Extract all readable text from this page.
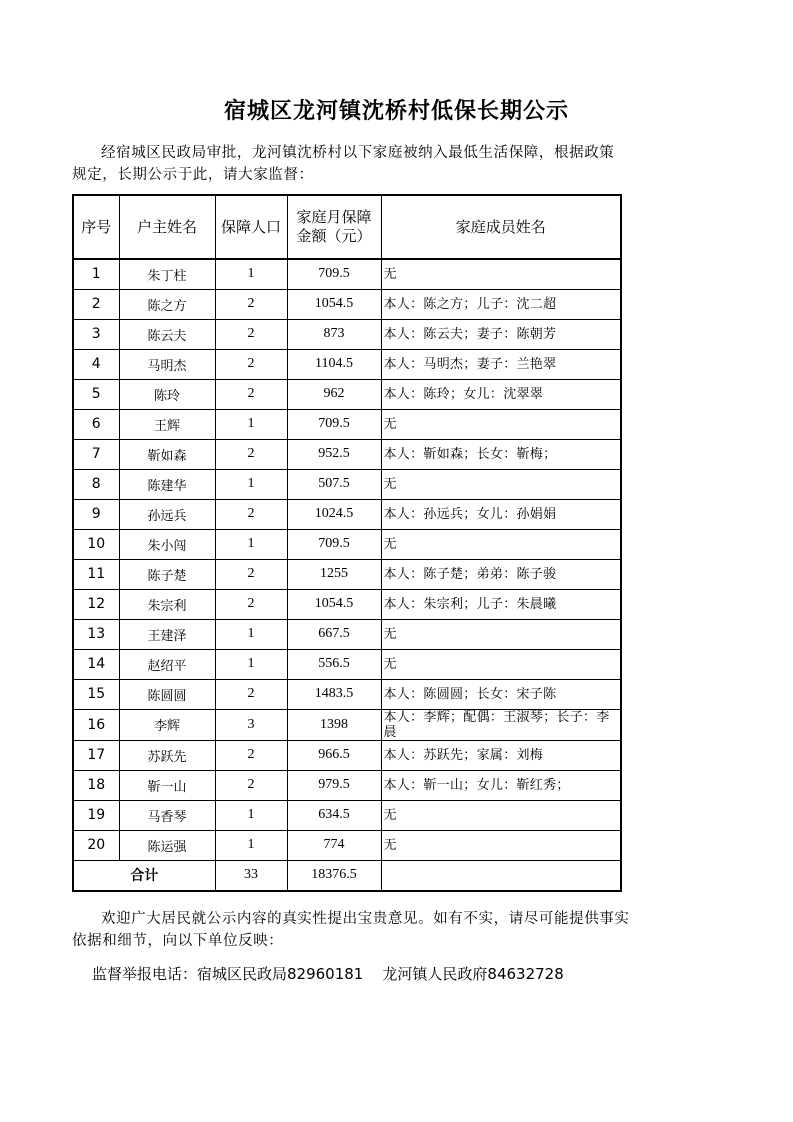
宿城区龙河镇沈桥村低保长期公示
经宿城区民政局审批，龙河镇沈桥村以下家庭被纳入最低生活保障，根据政策规定，长期公示于此，请大家监督：
序号	户主姓名	保障人口	家庭月保障
金额（元）	家庭成员姓名
1	朱丁柱	1	709.5	无
2	陈之方	2	1054.5	本人：陈之方；儿子：沈二超
3	陈云夫	2	873	本人：陈云夫；妻子：陈朝芳
4	马明杰	2	1104.5	本人：马明杰；妻子：兰艳翠
5	陈玲	2	962	本人：陈玲；女儿：沈翠翠
6	王辉	1	709.5	无
7	靳如森	2	952.5	本人：靳如森；长女：靳梅；
8	陈建华	1	507.5	无
9	孙远兵	2	1024.5	本人：孙远兵；女儿：孙娟娟
10	朱小闯	1	709.5	无
11	陈子楚	2	1255	本人：陈子楚；弟弟：陈子骏
12	朱宗利	2	1054.5	本人：朱宗利；儿子：朱晨曦
13	王建泽	1	667.5	无
14	赵绍平	1	556.5	无
15	陈圆圆	2	1483.5	本人：陈圆圆；长女：宋子陈
16	李辉	3	1398	本人：李辉；配偶：王淑琴；长子：李晨
17	苏跃先	2	966.5	本人：苏跃先；家属：刘梅
18	靳一山	2	979.5	本人：靳一山；女儿：靳红秀；
19	马香琴	1	634.5	无
20	陈运强	1	774	无
合计		33	18376.5	
欢迎广大居民就公示内容的真实性提出宝贵意见。如有不实，请尽可能提供事实依据和细节，向以下单位反映：
监督举报电话：宿城区民政局82960181    龙河镇人民政府84632728
